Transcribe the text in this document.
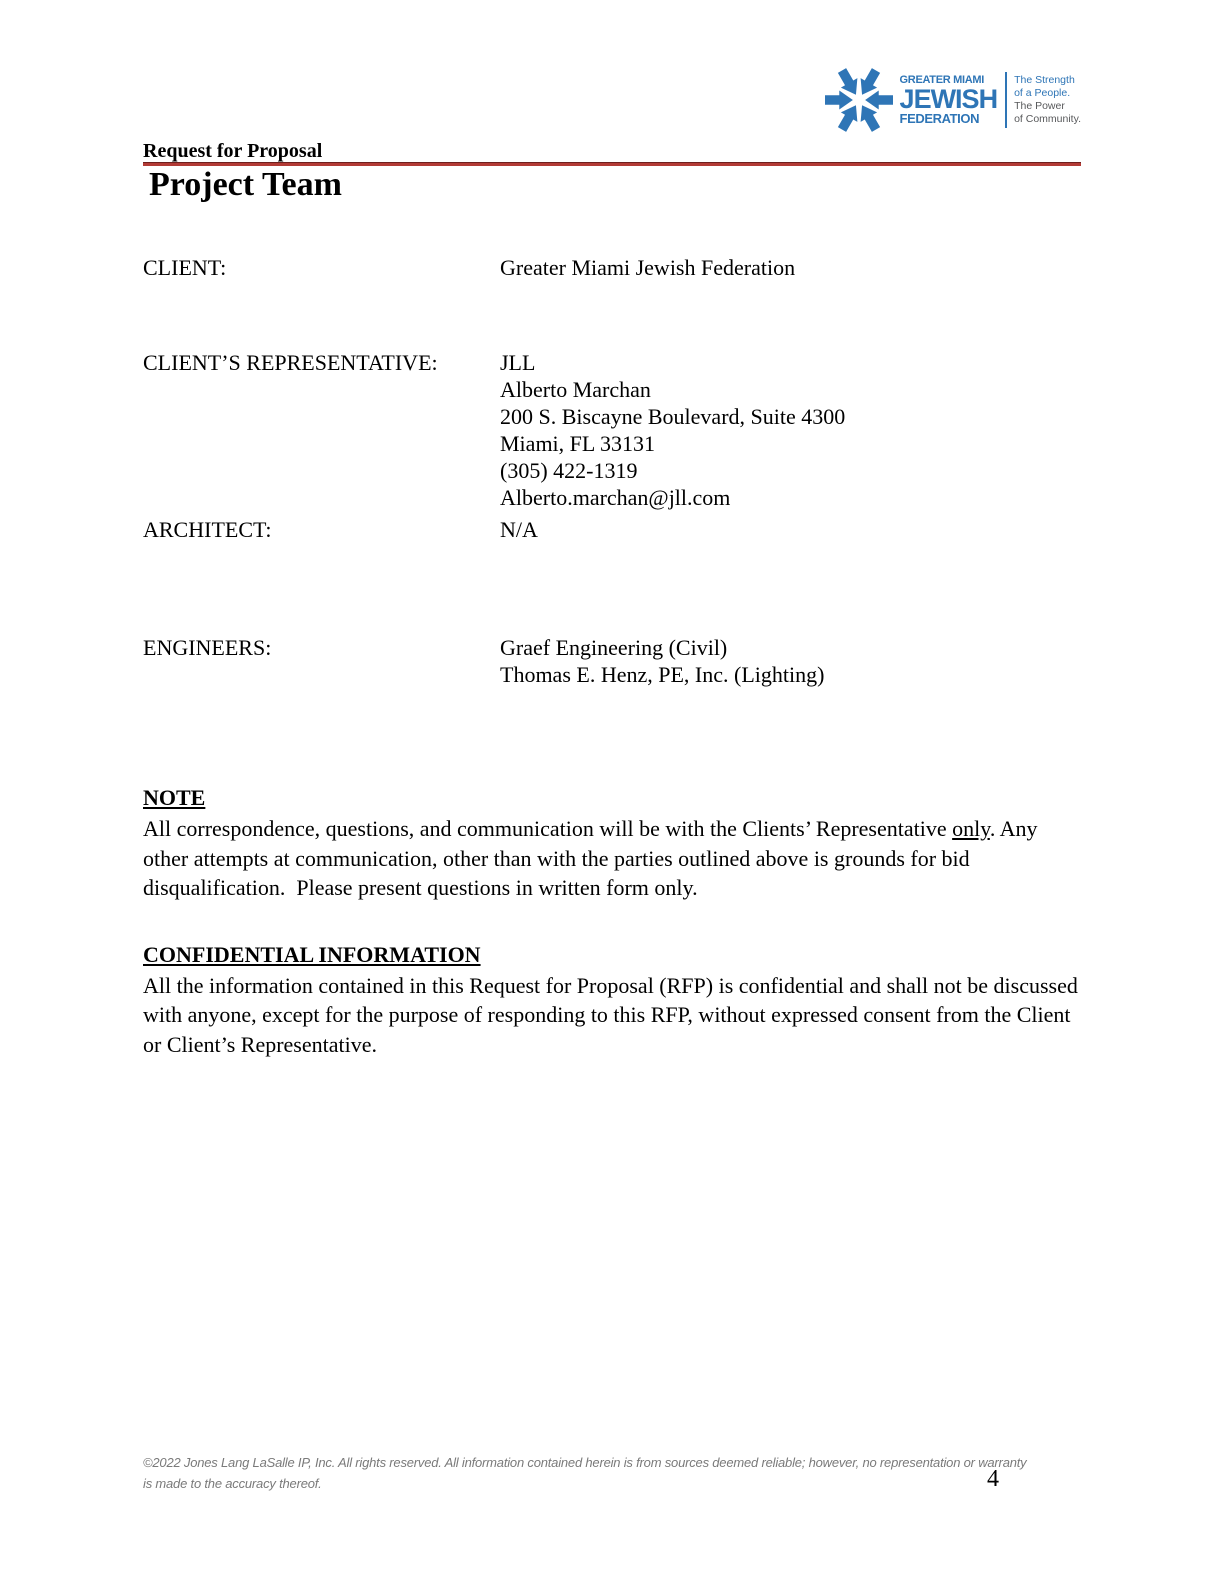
GREATER MIAMI
JEWISH
FEDERATION
The Strength
of a People.
The Power
of Community.
Request for Proposal
Project Team
CLIENT:	Greater Miami Jewish Federation
CLIENT’S REPRESENTATIVE:	JLL
Alberto Marchan
200 S. Biscayne Boulevard, Suite 4300
Miami, FL 33131
(305) 422-1319
Alberto.marchan@jll.com
ARCHITECT:	N/A
ENGINEERS:	Graef Engineering (Civil)
Thomas E. Henz, PE, Inc. (Lighting)
NOTE

All correspondence, questions, and communication will be with the Clients’ Representative only. Any other attempts at communication, other than with the parties outlined above is grounds for bid disqualification.  Please present questions in written form only.

CONFIDENTIAL INFORMATION

All the information contained in this Request for Proposal (RFP) is confidential and shall not be discussed with anyone, except for the purpose of responding to this RFP, without expressed consent from the Client or Client’s Representative.

©2022 Jones Lang LaSalle IP, Inc. All rights reserved. All information contained herein is from sources deemed reliable; however, no representation or warranty is made to the accuracy thereof.	4
